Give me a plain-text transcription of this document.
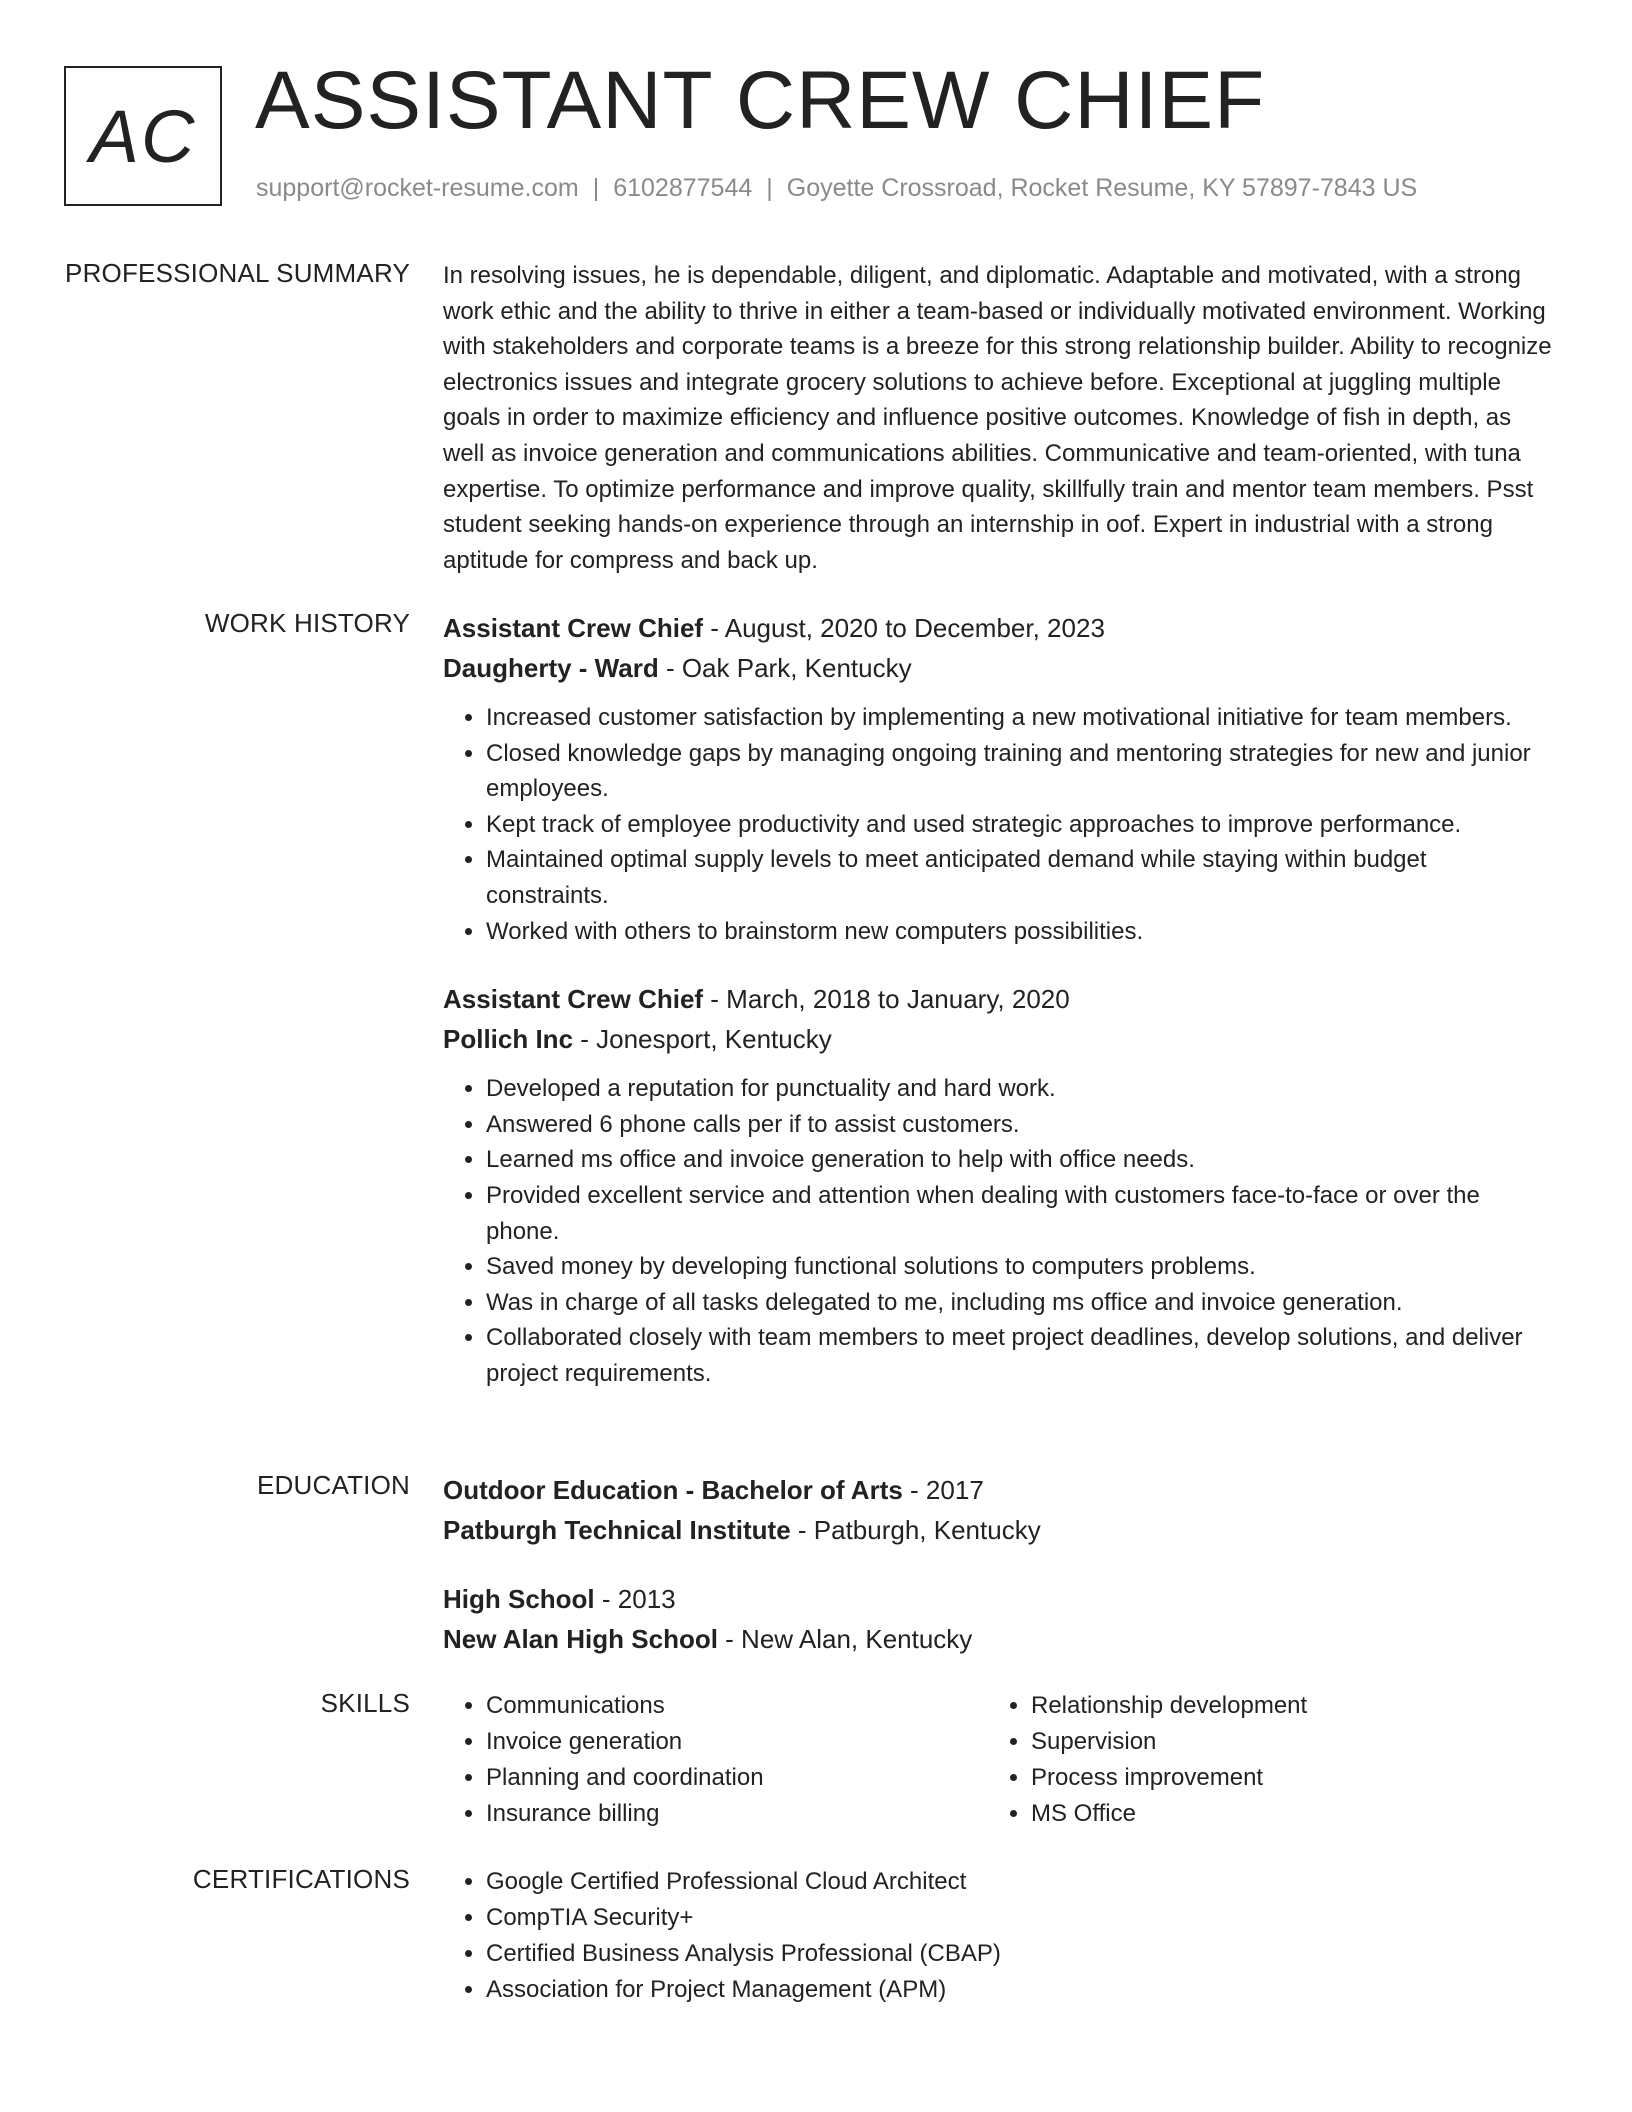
AC ASSISTANT CREW CHIEF
support@rocket-resume.com | 6102877544 | Goyette Crossroad, Rocket Resume, KY 57897-7843 US
PROFESSIONAL SUMMARY In resolving issues, he is dependable, diligent, and diplomatic. Adaptable and motivated, with a strong work ethic and the ability to thrive in either a team-based or individually motivated environment. Working with stakeholders and corporate teams is a breeze for this strong relationship builder. Ability to recognize electronics issues and integrate grocery solutions to achieve before. Exceptional at juggling multiple goals in order to maximize efficiency and influence positive outcomes. Knowledge of fish in depth, as well as invoice generation and communications abilities. Communicative and team-oriented, with tuna expertise. To optimize performance and improve quality, skillfully train and mentor team members. Psst student seeking hands-on experience through an internship in oof. Expert in industrial with a strong aptitude for compress and back up.

WORK HISTORY Assistant Crew Chief - August, 2020 to December, 2023
Daugherty - Ward - Oak Park, Kentucky
• Increased customer satisfaction by implementing a new motivational initiative for team members.
• Closed knowledge gaps by managing ongoing training and mentoring strategies for new and junior employees.
• Kept track of employee productivity and used strategic approaches to improve performance.
• Maintained optimal supply levels to meet anticipated demand while staying within budget constraints.
• Worked with others to brainstorm new computers possibilities.
Assistant Crew Chief - March, 2018 to January, 2020
Pollich Inc - Jonesport, Kentucky
• Developed a reputation for punctuality and hard work.
• Answered 6 phone calls per if to assist customers.
• Learned ms office and invoice generation to help with office needs.
• Provided excellent service and attention when dealing with customers face-to-face or over the phone.
• Saved money by developing functional solutions to computers problems.
• Was in charge of all tasks delegated to me, including ms office and invoice generation.
• Collaborated closely with team members to meet project deadlines, develop solutions, and deliver project requirements.
EDUCATION Outdoor Education - Bachelor of Arts - 2017
Patburgh Technical Institute - Patburgh, Kentucky
High School - 2013
New Alan High School - New Alan, Kentucky
SKILLS	• Communications
• Invoice generation
• Planning and coordination
• Insurance billing
• Relationship development
• Supervision
• Process improvement
• MS Office
CERTIFICATIONS	• Google Certified Professional Cloud Architect
• CompTIA Security+
• Certified Business Analysis Professional (CBAP)
• Association for Project Management (APM)
